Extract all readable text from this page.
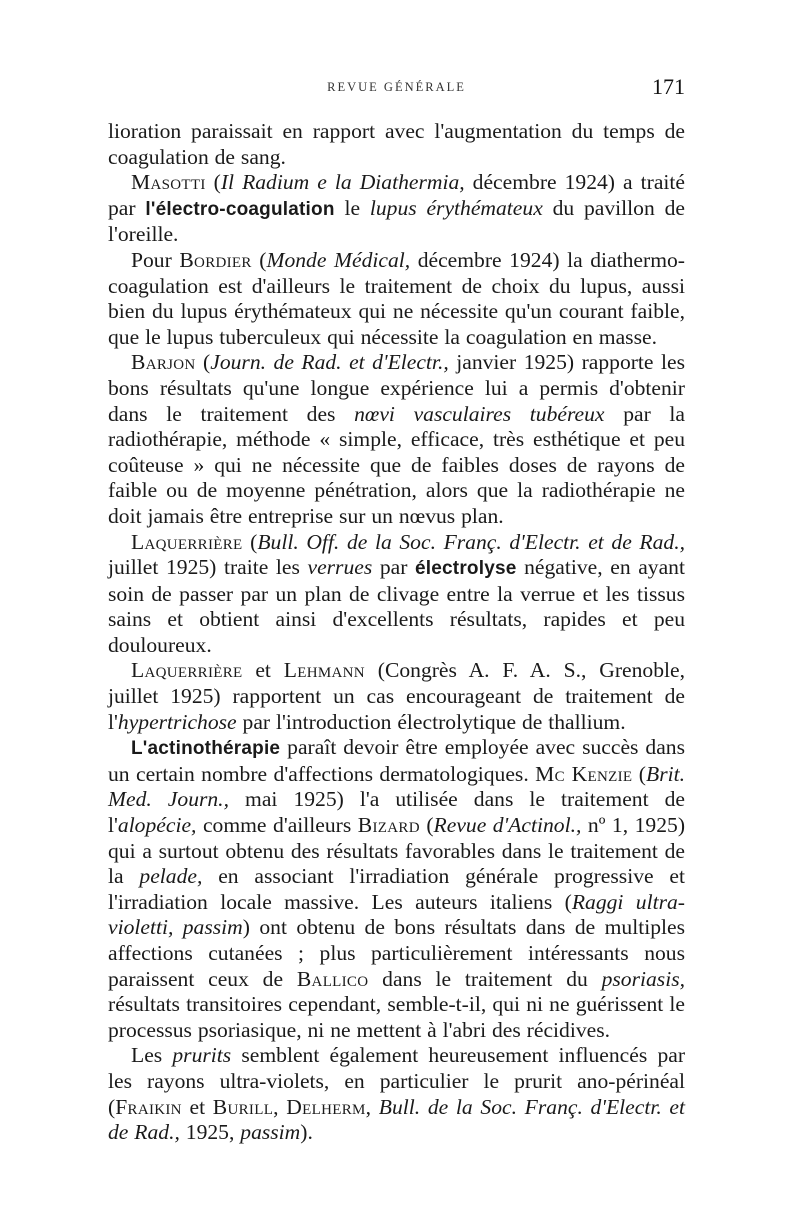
REVUE GÉNÉRALE	171

lioration paraissait en rapport avec l'augmentation du temps de coagulation de sang.

Masotti (Il Radium e la Diathermia, décembre 1924) a traité par l'électro-coagulation le lupus érythémateux du pavillon de l'oreille.

Pour Bordier (Monde Médical, décembre 1924) la diathermo-coagulation est d'ailleurs le traitement de choix du lupus, aussi bien du lupus érythémateux qui ne nécessite qu'un courant faible, que le lupus tuberculeux qui nécessite la coagulation en masse.

Barjon (Journ. de Rad. et d'Electr., janvier 1925) rapporte les bons résultats qu'une longue expérience lui a permis d'obtenir dans le traitement des nœvi vasculaires tubéreux par la radiothérapie, méthode « simple, efficace, très esthétique et peu coûteuse » qui ne nécessite que de faibles doses de rayons de faible ou de moyenne pénétration, alors que la radiothérapie ne doit jamais être entreprise sur un nœvus plan.

Laquerrière (Bull. Off. de la Soc. Franç. d'Electr. et de Rad., juillet 1925) traite les verrues par électrolyse négative, en ayant soin de passer par un plan de clivage entre la verrue et les tissus sains et obtient ainsi d'excellents résultats, rapides et peu douloureux.

Laquerrière et Lehmann (Congrès A. F. A. S., Grenoble, juillet 1925) rapportent un cas encourageant de traitement de l'hypertrichose par l'introduction électrolytique de thallium.

L'actinothérapie paraît devoir être employée avec succès dans un certain nombre d'affections dermatologiques. Mc Kenzie (Brit. Med. Journ., mai 1925) l'a utilisée dans le traitement de l'alopécie, comme d'ailleurs Bizard (Revue d'Actinol., nº 1, 1925) qui a surtout obtenu des résultats favorables dans le traitement de la pelade, en associant l'irradiation générale progressive et l'irradiation locale massive. Les auteurs italiens (Raggi ultra-violetti, passim) ont obtenu de bons résultats dans de multiples affections cutanées ; plus particulièrement intéressants nous paraissent ceux de Ballico dans le traitement du psoriasis, résultats transitoires cependant, semble-t-il, qui ni ne guérissent le processus psoriasique, ni ne mettent à l'abri des récidives.

Les prurits semblent également heureusement influencés par les rayons ultra-violets, en particulier le prurit ano-périnéal (Fraikin et Burill, Delherm, Bull. de la Soc. Franç. d'Electr. et de Rad., 1925, passim).
